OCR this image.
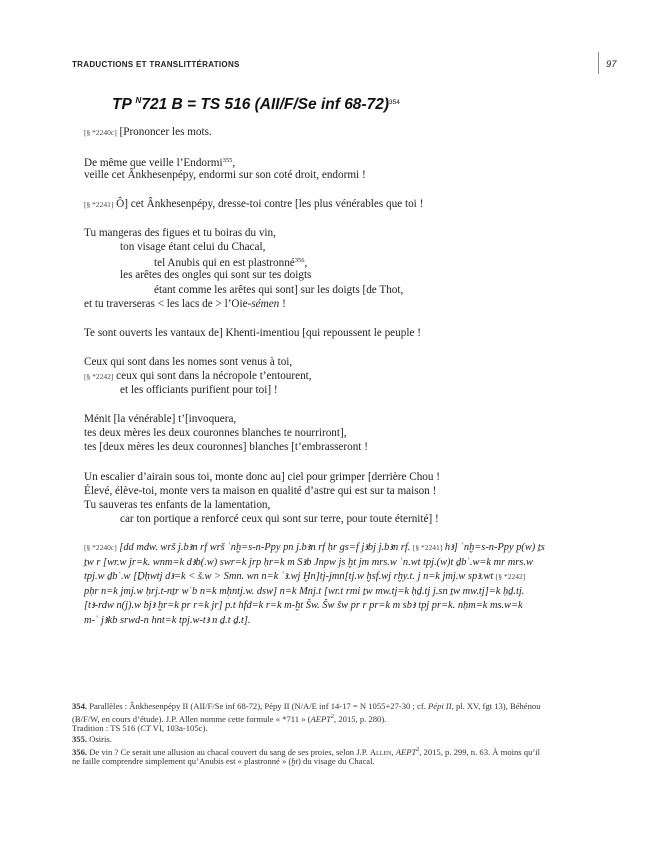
TRADUCTIONS ET TRANSLITTÉRATIONS	97
TP $^N$721 B = TS 516 (AII/F/Se inf 68-72)$^{354}$
[§ *2240c] [Prononcer les mots.
De même que veille l’Endormi$^{355}$,
veille cet Ânkhesenpépy, endormi sur son coté droit, endormi !
[§ *2241] Ô] cet Ânkhesenpépy, dresse-toi contre [les plus vénérables que toi !
Tu mangeras des figues et tu boiras du vin,
ton visage étant celui du Chacal,
tel Anubis qui en est plastronné$^{356}$,
les arêtes des ongles qui sont sur tes doigts
étant comme les arêtes qui sont] sur les doigts [de Thot,
et tu traverseras < les lacs de > l’Oie-sémen !
Te sont ouverts les vantaux de] Khenti-imentiou [qui repoussent le peuple !
Ceux qui sont dans les nomes sont venus à toi,
[§ *2242] ceux qui sont dans la nécropole t’entourent,
et les officiants purifient pour toi] !
Ménit [la vénérable] t’[invoquera,
tes deux mères les deux couronnes blanches te nourriront],
tes [deux mères les deux couronnes] blanches [t’embrasseront !
Un escalier d’airain sous toi, monte donc au] ciel pour grimper [derrière Chou !
Élevé, élève-toi, monte vers ta maison en qualité d’astre qui est sur ta maison !
Tu sauveras tes enfants de la lamentation,
car ton portique a renforcé ceux qui sont sur terre, pour toute éternité] !
[§ *2240c] [dd mdw. wrš j.bꜣn rf wrš ʿnḫ=s-n-Ppy pn j.bꜣn rf ḥr gs=f jꜣbj j.bꜣn rf. [§ *2241] hꜣ] ʿnḫ=s-n-Ppy p(w) ṯs
ṯw r [wr.w jr=k. wnm=k dꜣb(.w) swr=k jrp ḥr=k m Sꜣb Jnpw js ḫt jm mrs.w ʿn.wt tpj.(w)t ḏbʿ.w=k mr mrs.w
tpj.w ḏbʿ.w [Ḏḥwtj dꜣ=k < š.w > Smn. wn n=k ʿꜣ.wj Ḫn]tj-jmn[tj.w ḫsf.wj rḫy.t. j n=k jmj.w spꜣ.wt [§ *2242]
pḥr n=k jmj.w ḥrj.t-nṯr wʿb n=k mḥntj.w. dsw] n=k Mnj.t [wr.t rmi ṯw mw.tj=k ḥḏ.tj j.sn ṯw mw.tj]=k ḥḏ.tj.
[tꜣ-rdw n(j).w bjꜣ ḫr=k pr r=k jr] p.t hfd=k r=k m-ḫt Šw. Šw šw pr r pr=k m sbꜣ tpj pr=k. nḥm=k ms.w=k
m-ʿ jꜣkb srwd-n hnt=k tpj.w-tꜣ n ḏ.t ḏ.t].
354. Parallèles : Ânkhesenpépy II (AII/F/Se inf 68-72), Pépy II (N/A/E inf 14-17 = N 1055+27-30 ; cf. Pépi II, pl. XV, fgt 13), Béhénou
(B/F/W, en cours d’étude). J.P. Allen nomme cette formule « *711 » (AEPT$^2$, 2015, p. 280).
Tradition : TS 516 (CT VI, 103a-105c).
355. Osiris.
356. De vin ? Ce serait une allusion au chacal couvert du sang de ses proies, selon J.P. Allen, AEPT$^2$, 2015, p. 299, n. 63. À moins qu’il
ne faille comprendre simplement qu’Anubis est « plastronné » (ḫt) du visage du Chacal.
